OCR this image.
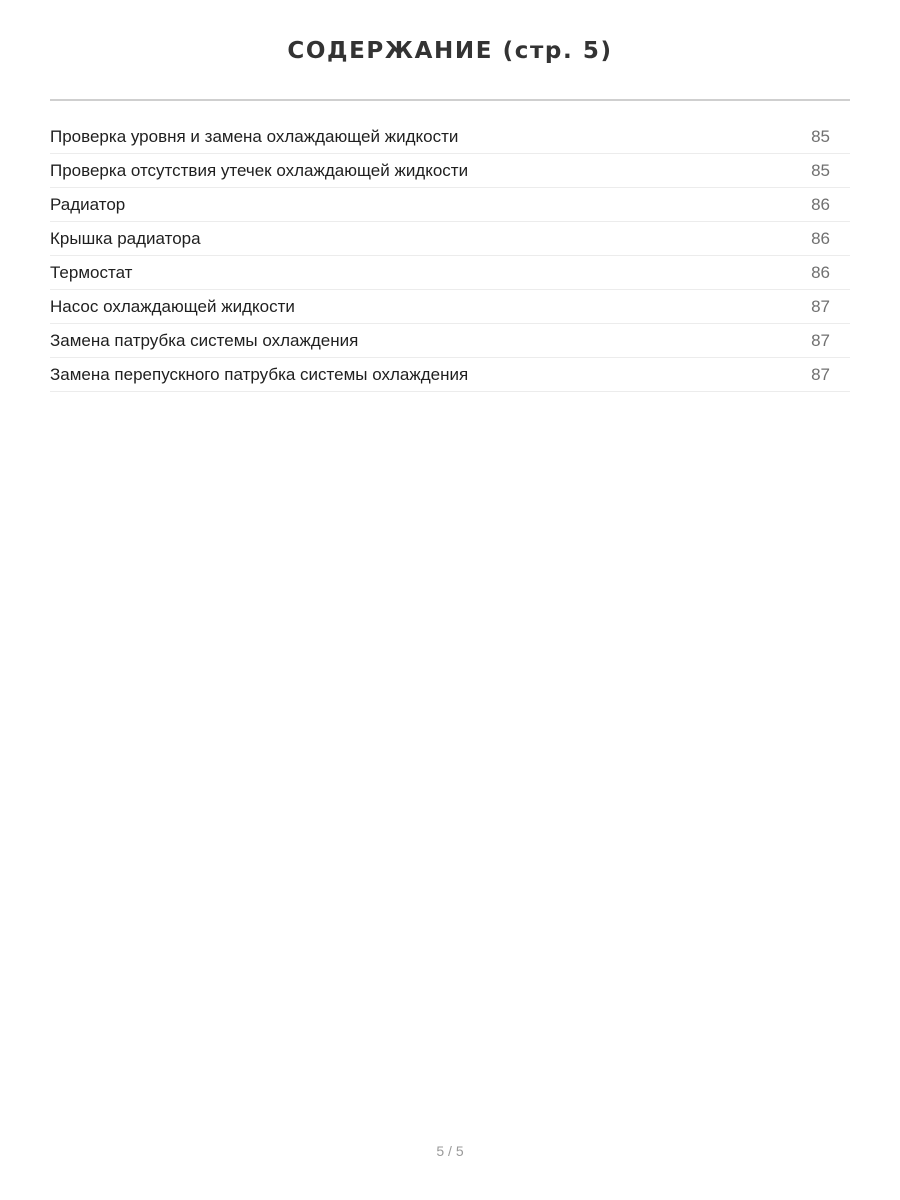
СОДЕРЖАНИЕ (стр. 5)
Проверка уровня и замена охлаждающей жидкости	85
Проверка отсутствия утечек охлаждающей жидкости	85
Радиатор	86
Крышка радиатора	86
Термостат	86
Насос охлаждающей жидкости	87
Замена патрубка системы охлаждения	87
Замена перепускного патрубка системы охлаждения	87
5 / 5
